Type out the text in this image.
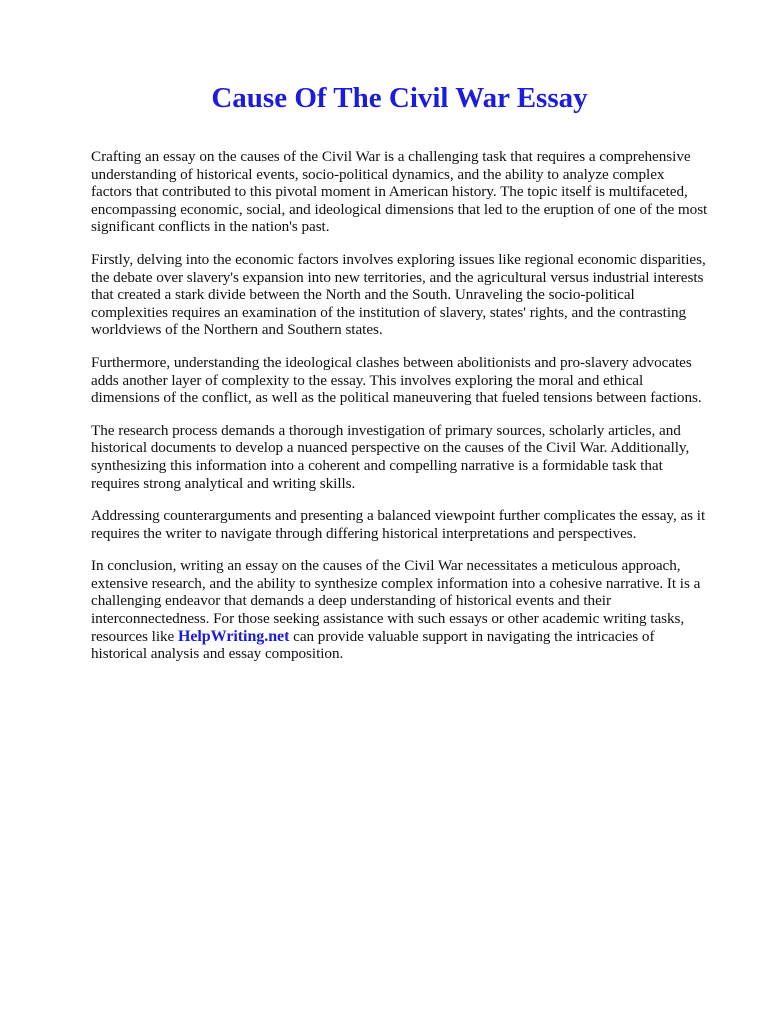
Cause Of The Civil War Essay

Crafting an essay on the causes of the Civil War is a challenging task that requires a comprehensive understanding of historical events, socio-political dynamics, and the ability to analyze complex factors that contributed to this pivotal moment in American history. The topic itself is multifaceted, encompassing economic, social, and ideological dimensions that led to the eruption of one of the most significant conflicts in the nation's past.

Firstly, delving into the economic factors involves exploring issues like regional economic disparities, the debate over slavery's expansion into new territories, and the agricultural versus industrial interests that created a stark divide between the North and the South. Unraveling the socio-political complexities requires an examination of the institution of slavery, states' rights, and the contrasting worldviews of the Northern and Southern states.

Furthermore, understanding the ideological clashes between abolitionists and pro-slavery advocates adds another layer of complexity to the essay. This involves exploring the moral and ethical dimensions of the conflict, as well as the political maneuvering that fueled tensions between factions.

The research process demands a thorough investigation of primary sources, scholarly articles, and historical documents to develop a nuanced perspective on the causes of the Civil War. Additionally, synthesizing this information into a coherent and compelling narrative is a formidable task that requires strong analytical and writing skills.

Addressing counterarguments and presenting a balanced viewpoint further complicates the essay, as it requires the writer to navigate through differing historical interpretations and perspectives.

In conclusion, writing an essay on the causes of the Civil War necessitates a meticulous approach, extensive research, and the ability to synthesize complex information into a cohesive narrative. It is a challenging endeavor that demands a deep understanding of historical events and their interconnectedness. For those seeking assistance with such essays or other academic writing tasks, resources like HelpWriting.net can provide valuable support in navigating the intricacies of historical analysis and essay composition.
